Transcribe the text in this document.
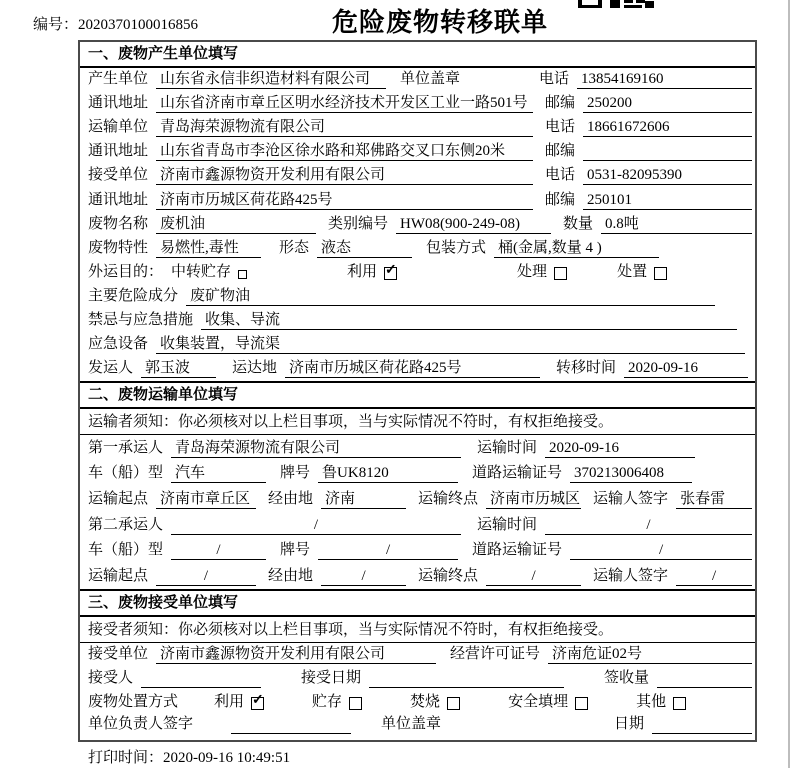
编号：2020370100016856	危险废物转移联单
一、废物产生单位填写
产生单位 山东省永信非织造材料有限公司	单位盖章	电话 13854169160
通讯地址 山东省济南市章丘区明水经济技术开发区工业一路501号	邮编 250200
运输单位 青岛海荣源物流有限公司	电话 18661672606
通讯地址 山东省青岛市李沧区徐水路和郑佛路交叉口东侧20米	邮编
接受单位 济南市鑫源物资开发利用有限公司	电话 0531-82095390
通讯地址 济南市历城区荷花路425号	邮编 250101
废物名称 废机油	类别编号 HW08(900-249-08)	数量 0.8吨
废物特性 易燃性,毒性	形态 液态	包装方式 桶(金属,数量 4 )
外运目的： 中转贮存	利用 ✓	处理	处置
主要危险成分 废矿物油
禁忌与应急措施 收集、导流
应急设备 收集装置，导流渠
发运人 郭玉波	运达地 济南市历城区荷花路425号	转移时间 2020-09-16
二、废物运输单位填写
运输者须知：你必须核对以上栏目事项，当与实际情况不符时，有权拒绝接受。
第一承运人 青岛海荣源物流有限公司	运输时间 2020-09-16
车（船）型 汽车	牌号 鲁UK8120	道路运输证号 370213006408
运输起点 济南市章丘区	经由地 济南	运输终点 济南市历城区 运输人签字 张春雷
第二承运人	/	运输时间	/
车（船）型	/	牌号	/	道路运输证号	/
运输起点	/	经由地	/	运输终点	/	运输人签字	/
三、废物接受单位填写
接受者须知：你必须核对以上栏目事项，当与实际情况不符时，有权拒绝接受。
接受单位 济南市鑫源物资开发利用有限公司	经营许可证号 济南危证02号
接受人	接受日期	签收量
废物处置方式 利用 ✓	贮存	焚烧	安全填埋	其他
单位负责人签字	单位盖章	日期
打印时间：2020-09-16 10:49:51
